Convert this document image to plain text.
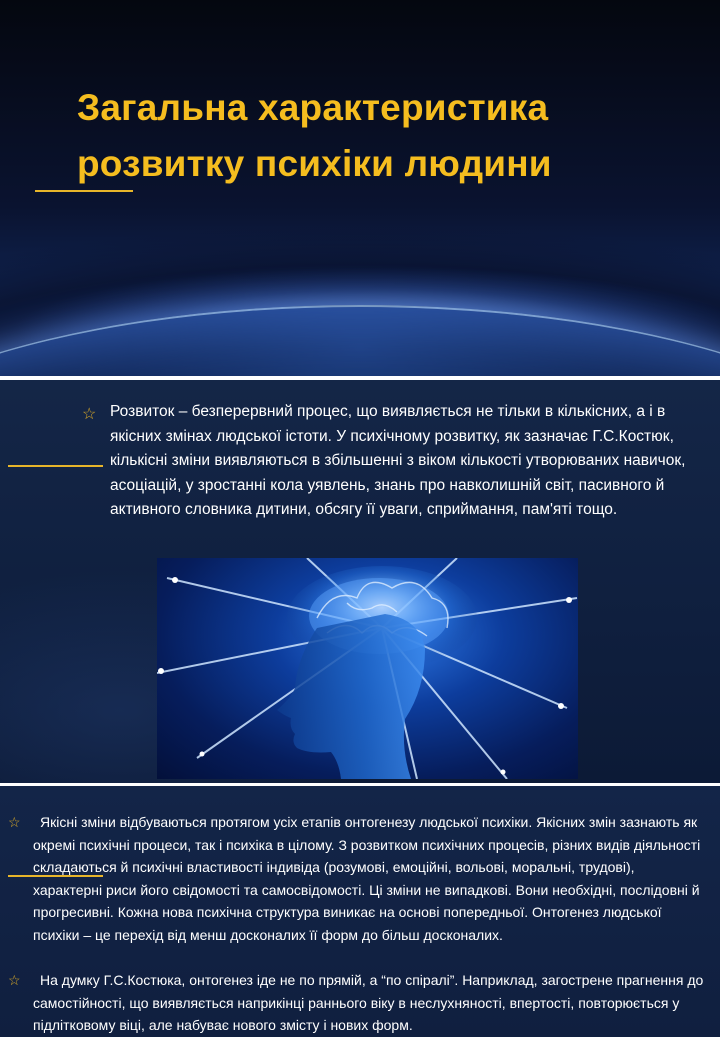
Загальна характеристика
розвитку психіки людини
☆ Розвиток – безперервний процес, що виявляється не тільки в кількісних, а і в якісних змінах людської істоти. У психічному розвитку, як зазначає Г.С.Костюк, кількісні зміни виявляються в збільшенні з віком кількості утворюваних навичок, асоціацій, у зростанні кола уявлень, знань про навколишній світ, пасивного й активного словника дитини, обсягу її уваги, сприймання, пам'яті тощо.

☆	Якісні зміни відбуваються протягом усіх етапів онтогенезу людської психіки. Якісних змін зазнають як окремі психічні процеси, так і психіка в цілому. З розвитком психічних процесів, різних видів діяльності складаються й психічні властивості індивіда (розумові, емоційні, вольові, моральні, трудові), характерні риси його свідомості та самосвідомості. Ці зміни не випадкові. Вони необхідні, послідовні й прогресивні. Кожна нова психічна структура виникає на основі попередньої. Онтогенез людської психіки – це перехід від менш досконалих її форм до більш досконалих.

☆	На думку Г.С.Костюка, онтогенез іде не по прямій, а “по спіралі”. Наприклад, загострене прагнення до самостійності, що виявляється наприкінці раннього віку в неслухняності, впертості, повторюється у підлітковому віці, але набуває нового змісту і нових форм.
